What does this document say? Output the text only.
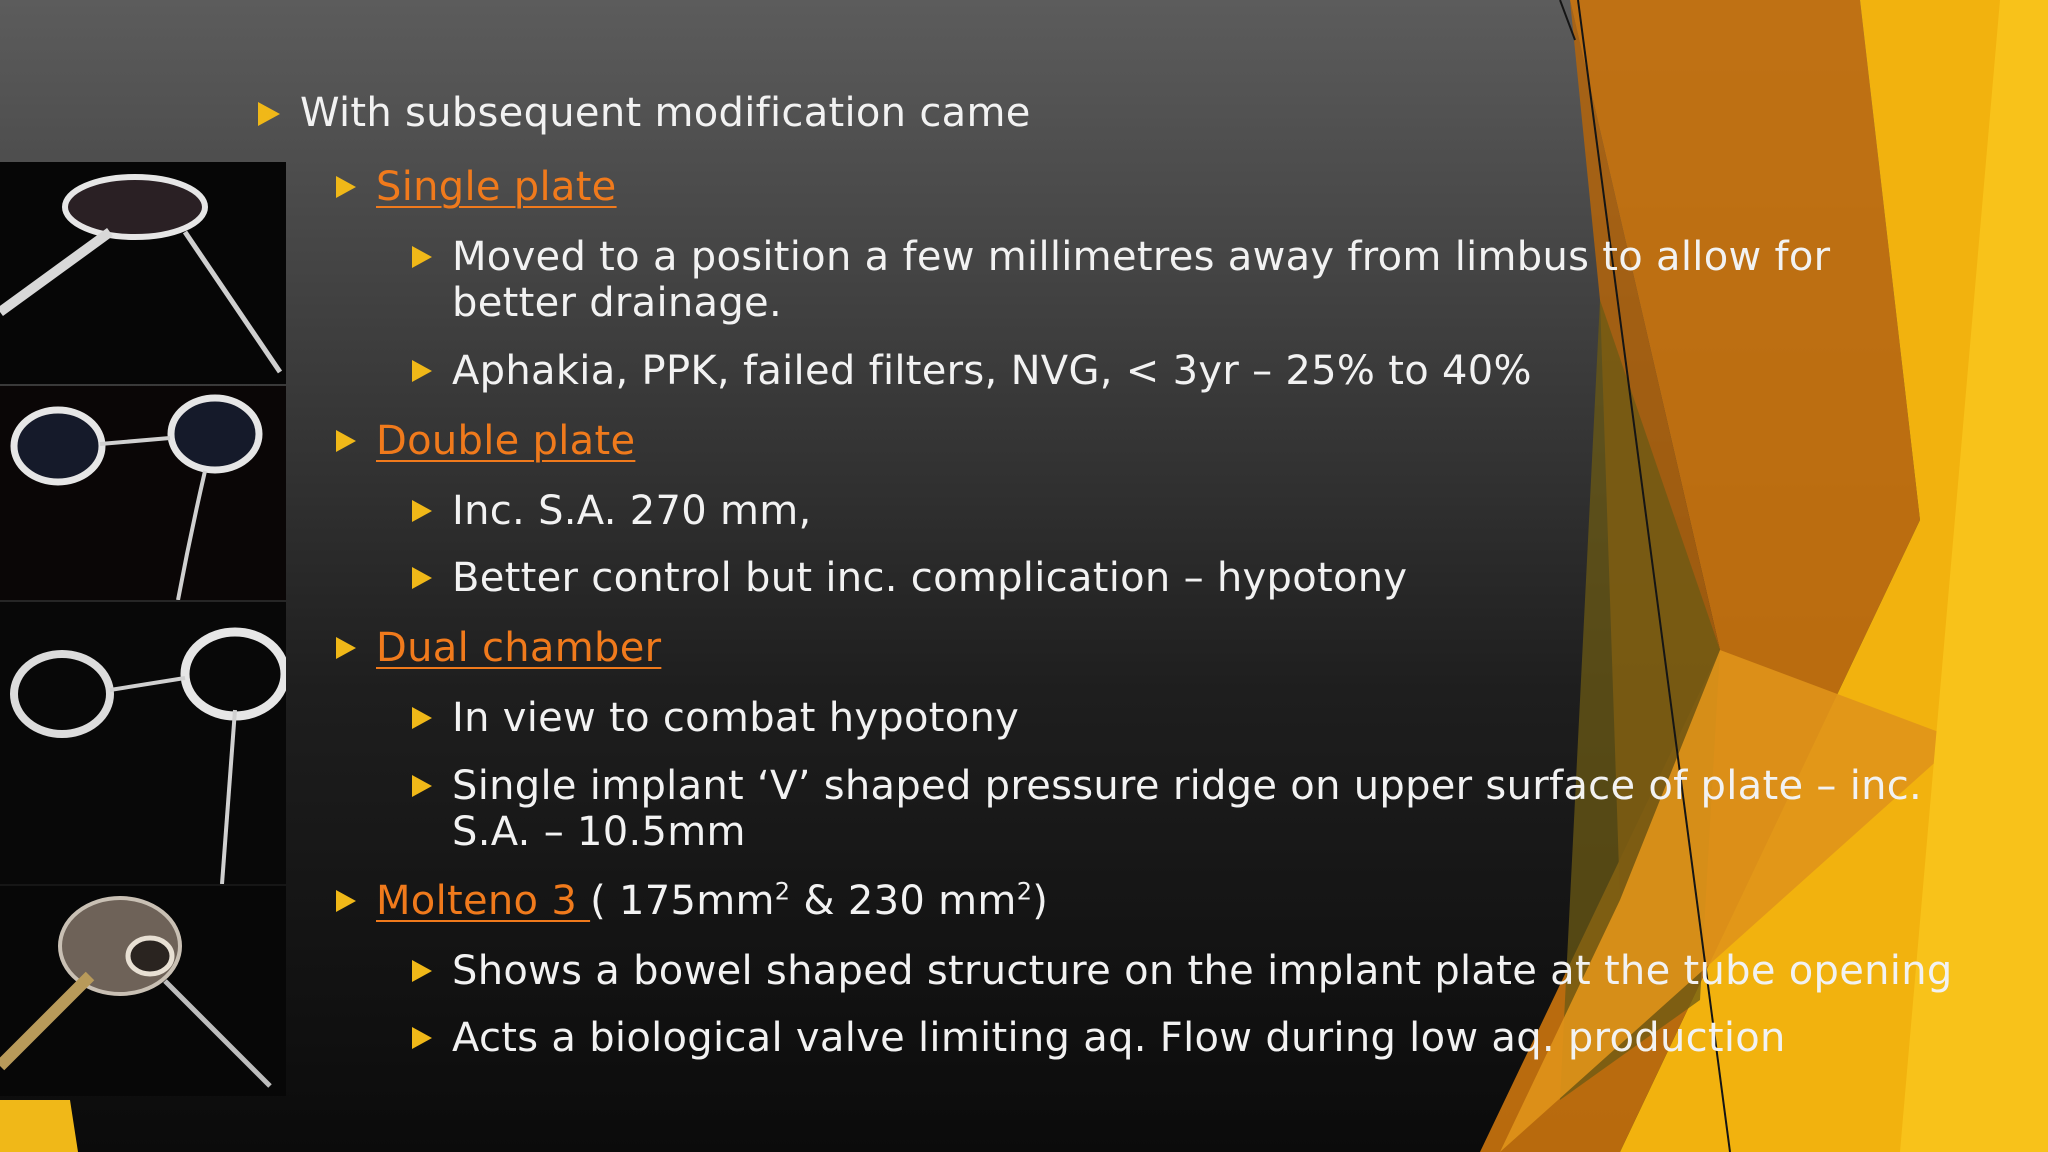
With subsequent modification came
Single plate
Moved to a position a few millimetres away from limbus to allow for better drainage.
Aphakia, PPK, failed filters, NVG, < 3yr – 25% to 40%
Double plate
Inc. S.A. 270 mm,
Better control but inc. complication – hypotony
Dual chamber
In view to combat hypotony
Single implant ‘V’ shaped pressure ridge on upper surface of plate – inc. S.A. – 10.5mm
Molteno 3 ( $175mm^2$ & 230 $mm^2$)
Shows a bowel shaped structure on the implant plate at the tube opening
Acts a biological valve limiting aq. Flow during low aq. production
